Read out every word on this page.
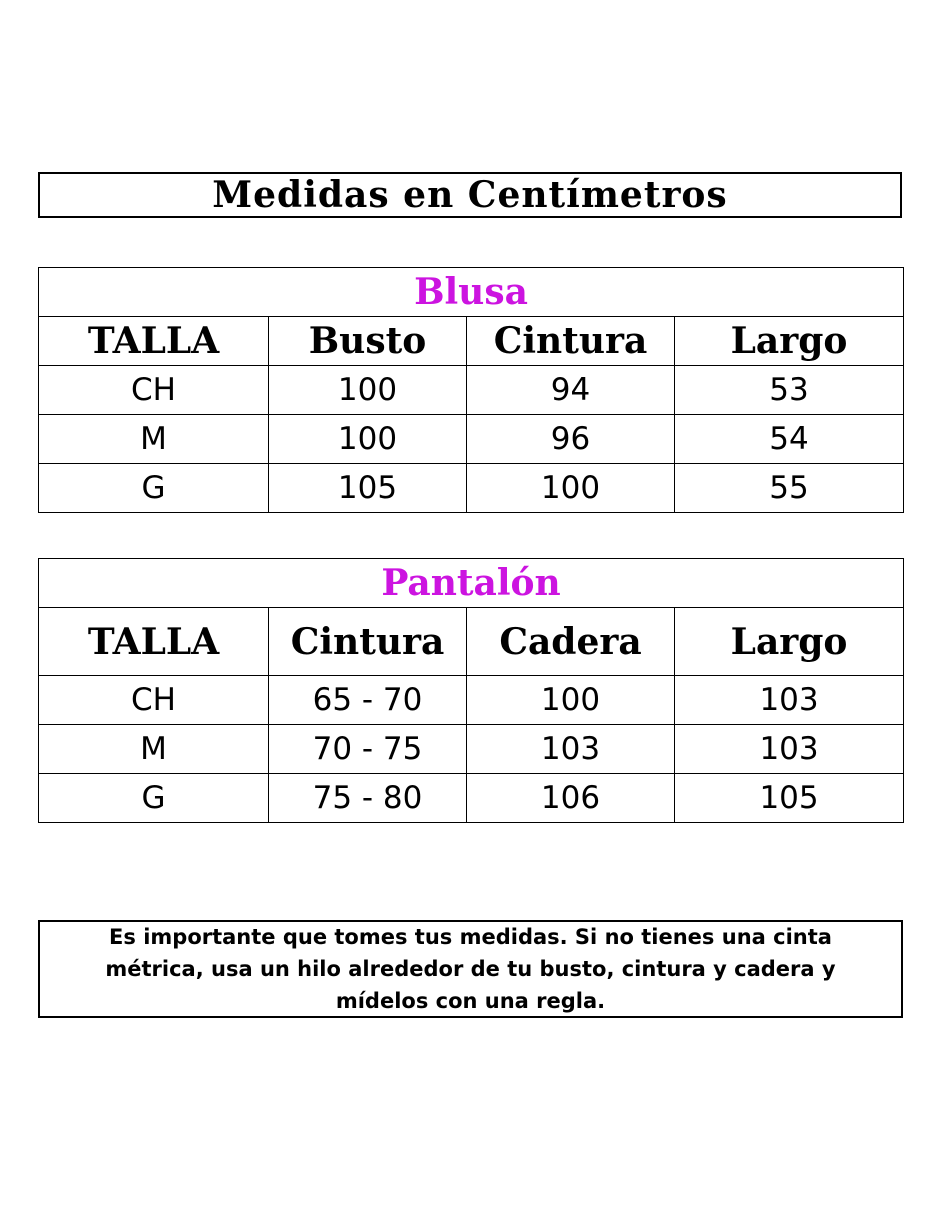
Medidas en Centímetros
Blusa			
TALLA	Busto	Cintura	Largo
CH	100	94	53
M	100	96	54
G	105	100	55
Pantalón			
TALLA	Cintura	Cadera	Largo
CH	65 - 70	100	103
M	70 - 75	103	103
G	75 - 80	106	105
Es importante que tomes tus medidas. Si no tienes una cinta métrica, usa un hilo alrededor de tu busto, cintura y cadera y mídelos con una regla.
